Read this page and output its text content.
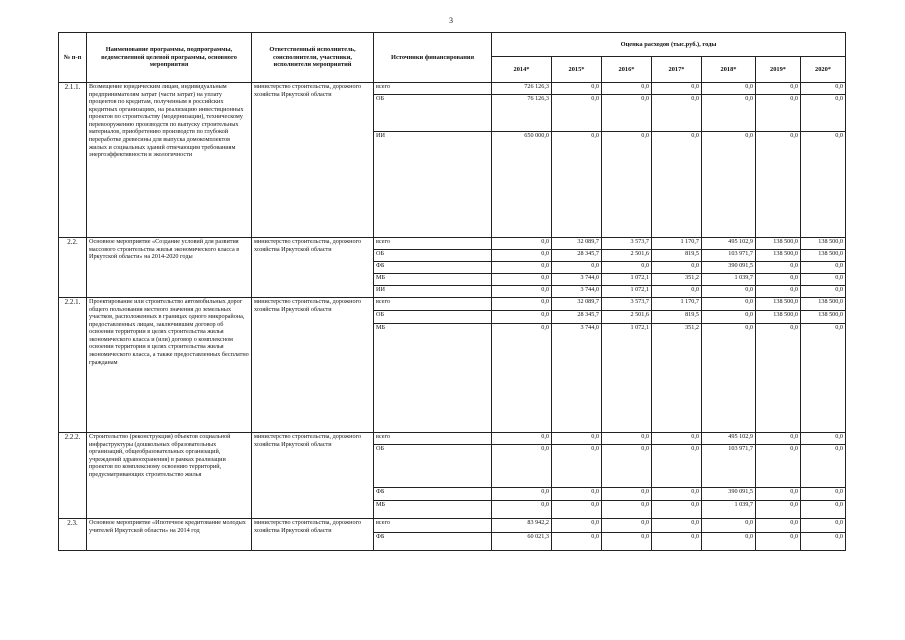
3
№ п-п	Наименование программы, подпрограммы, ведомственной целевой программы, основного мероприятия	Ответственный исполнитель, соисполнители, участники, исполнители мероприятий	Источники финансирования	Оценка расходов (тыс.руб.), годы						
				2014*	2015*	2016*	2017*	2018*	2019*	2020*
2.1.1.	Возмещение юридическим лицам, индивидуальным предпринимателям затрат (части затрат) на уплату процентов по кредитам, полученным в российских кредитных организациях, на реализацию инвестиционных проектов по строительству (модернизации), техническому перевооружению производств по выпуску строительных материалов, приобретению производств по глубокой переработке древесины для выпуска домокомплектов жилых и социальных зданий отвечающим требованиям энергоэффективности и экологичности	министерство строительства, дорожного хозяйства Иркутской области	всего	726 126,3	0,0	0,0	0,0	0,0	0,0	0,0
			ОБ	76 126,3	0,0	0,0	0,0	0,0	0,0	0,0
			ИИ	650 000,0	0,0	0,0	0,0	0,0	0,0	0,0
2.2.	Основное мероприятие «Создание условий для развития массового строительства жилья экономического класса в Иркутской области» на 2014-2020 годы	министерство строительства, дорожного хозяйства Иркутской области	всего	0,0	32 089,7	3 573,7	1 170,7	495 102,9	138 500,0	138 500,0
			ОБ	0,0	28 345,7	2 501,6	819,5	103 971,7	138 500,0	138 500,0
			ФБ	0,0	0,0	0,0	0,0	390 091,5	0,0	0,0
			МБ	0,0	3 744,0	1 072,1	351,2	1 039,7	0,0	0,0
			ИИ	0,0	3 744,0	1 072,1	0,0	0,0	0,0	0,0
2.2.1.	Проектирование или строительство автомобильных дорог общего пользования местного значения до земельных участков, расположенных в границах одного микрорайона, предоставленных лицам, заключившим договор об освоении территории в целях строительства жилья экономического класса и (или) договор о комплексном освоении территории в целях строительства жилья экономического класса, а также предоставленных бесплатно гражданам	министерство строительства, дорожного хозяйства Иркутской области	всего	0,0	32 089,7	3 573,7	1 170,7	0,0	138 500,0	138 500,0
			ОБ	0,0	28 345,7	2 501,6	819,5	0,0	138 500,0	138 500,0
			МБ	0,0	3 744,0	1 072,1	351,2	0,0	0,0	0,0
2.2.2.	Строительство (реконструкция) объектов социальной инфраструктуры (дошкольных образовательных организаций, общеобразовательных организаций, учреждений здравоохранения) в рамках реализации проектов по комплексному освоению территорий, предусматривающих строительство жилья	министерство строительства, дорожного хозяйства Иркутской области	всего	0,0	0,0	0,0	0,0	495 102,9	0,0	0,0
			ОБ	0,0	0,0	0,0	0,0	103 971,7	0,0	0,0
			ФБ	0,0	0,0	0,0	0,0	390 091,5	0,0	0,0
			МБ	0,0	0,0	0,0	0,0	1 039,7	0,0	0,0
2.3.	Основное мероприятие «Ипотечное кредитование молодых учителей Иркутской области» на 2014 год	министерство строительства, дорожного хозяйства Иркутской области	всего	83 942,2	0,0	0,0	0,0	0,0	0,0	0,0
			ФБ	60 021,3	0,0	0,0	0,0	0,0	0,0	0,0
